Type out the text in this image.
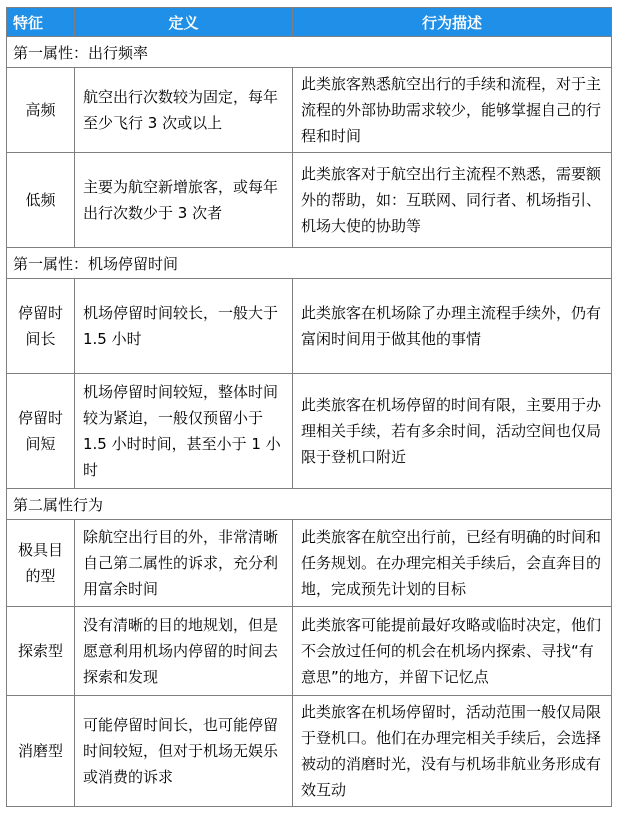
特征	定义	行为描述
第一属性：出行频率		
高频	航空出行次数较为固定，每年至少飞行 3 次或以上	此类旅客熟悉航空出行的手续和流程，对于主流程的外部协助需求较少，能够掌握自己的行程和时间
低频	主要为航空新增旅客，或每年出行次数少于 3 次者	此类旅客对于航空出行主流程不熟悉，需要额外的帮助，如：互联网、同行者、机场指引、机场大使的协助等
第一属性：机场停留时间		
停留时间长	机场停留时间较长，一般大于 1.5 小时	此类旅客在机场除了办理主流程手续外，仍有富闲时间用于做其他的事情
停留时间短	机场停留时间较短，整体时间较为紧迫，一般仅预留小于 1.5 小时时间，甚至小于 1 小时	此类旅客在机场停留的时间有限，主要用于办理相关手续，若有多余时间，活动空间也仅局限于登机口附近
第二属性行为		
极具目的型	除航空出行目的外，非常清晰自己第二属性的诉求，充分利用富余时间	此类旅客在航空出行前，已经有明确的时间和任务规划。在办理完相关手续后，会直奔目的地，完成预先计划的目标
探索型	没有清晰的目的地规划，但是愿意利用机场内停留的时间去探索和发现	此类旅客可能提前最好攻略或临时决定，他们不会放过任何的机会在机场内探索、寻找“有意思”的地方，并留下记忆点
消磨型	可能停留时间长，也可能停留时间较短，但对于机场无娱乐或消费的诉求	此类旅客在机场停留时，活动范围一般仅局限于登机口。他们在办理完相关手续后，会选择被动的消磨时光，没有与机场非航业务形成有效互动
